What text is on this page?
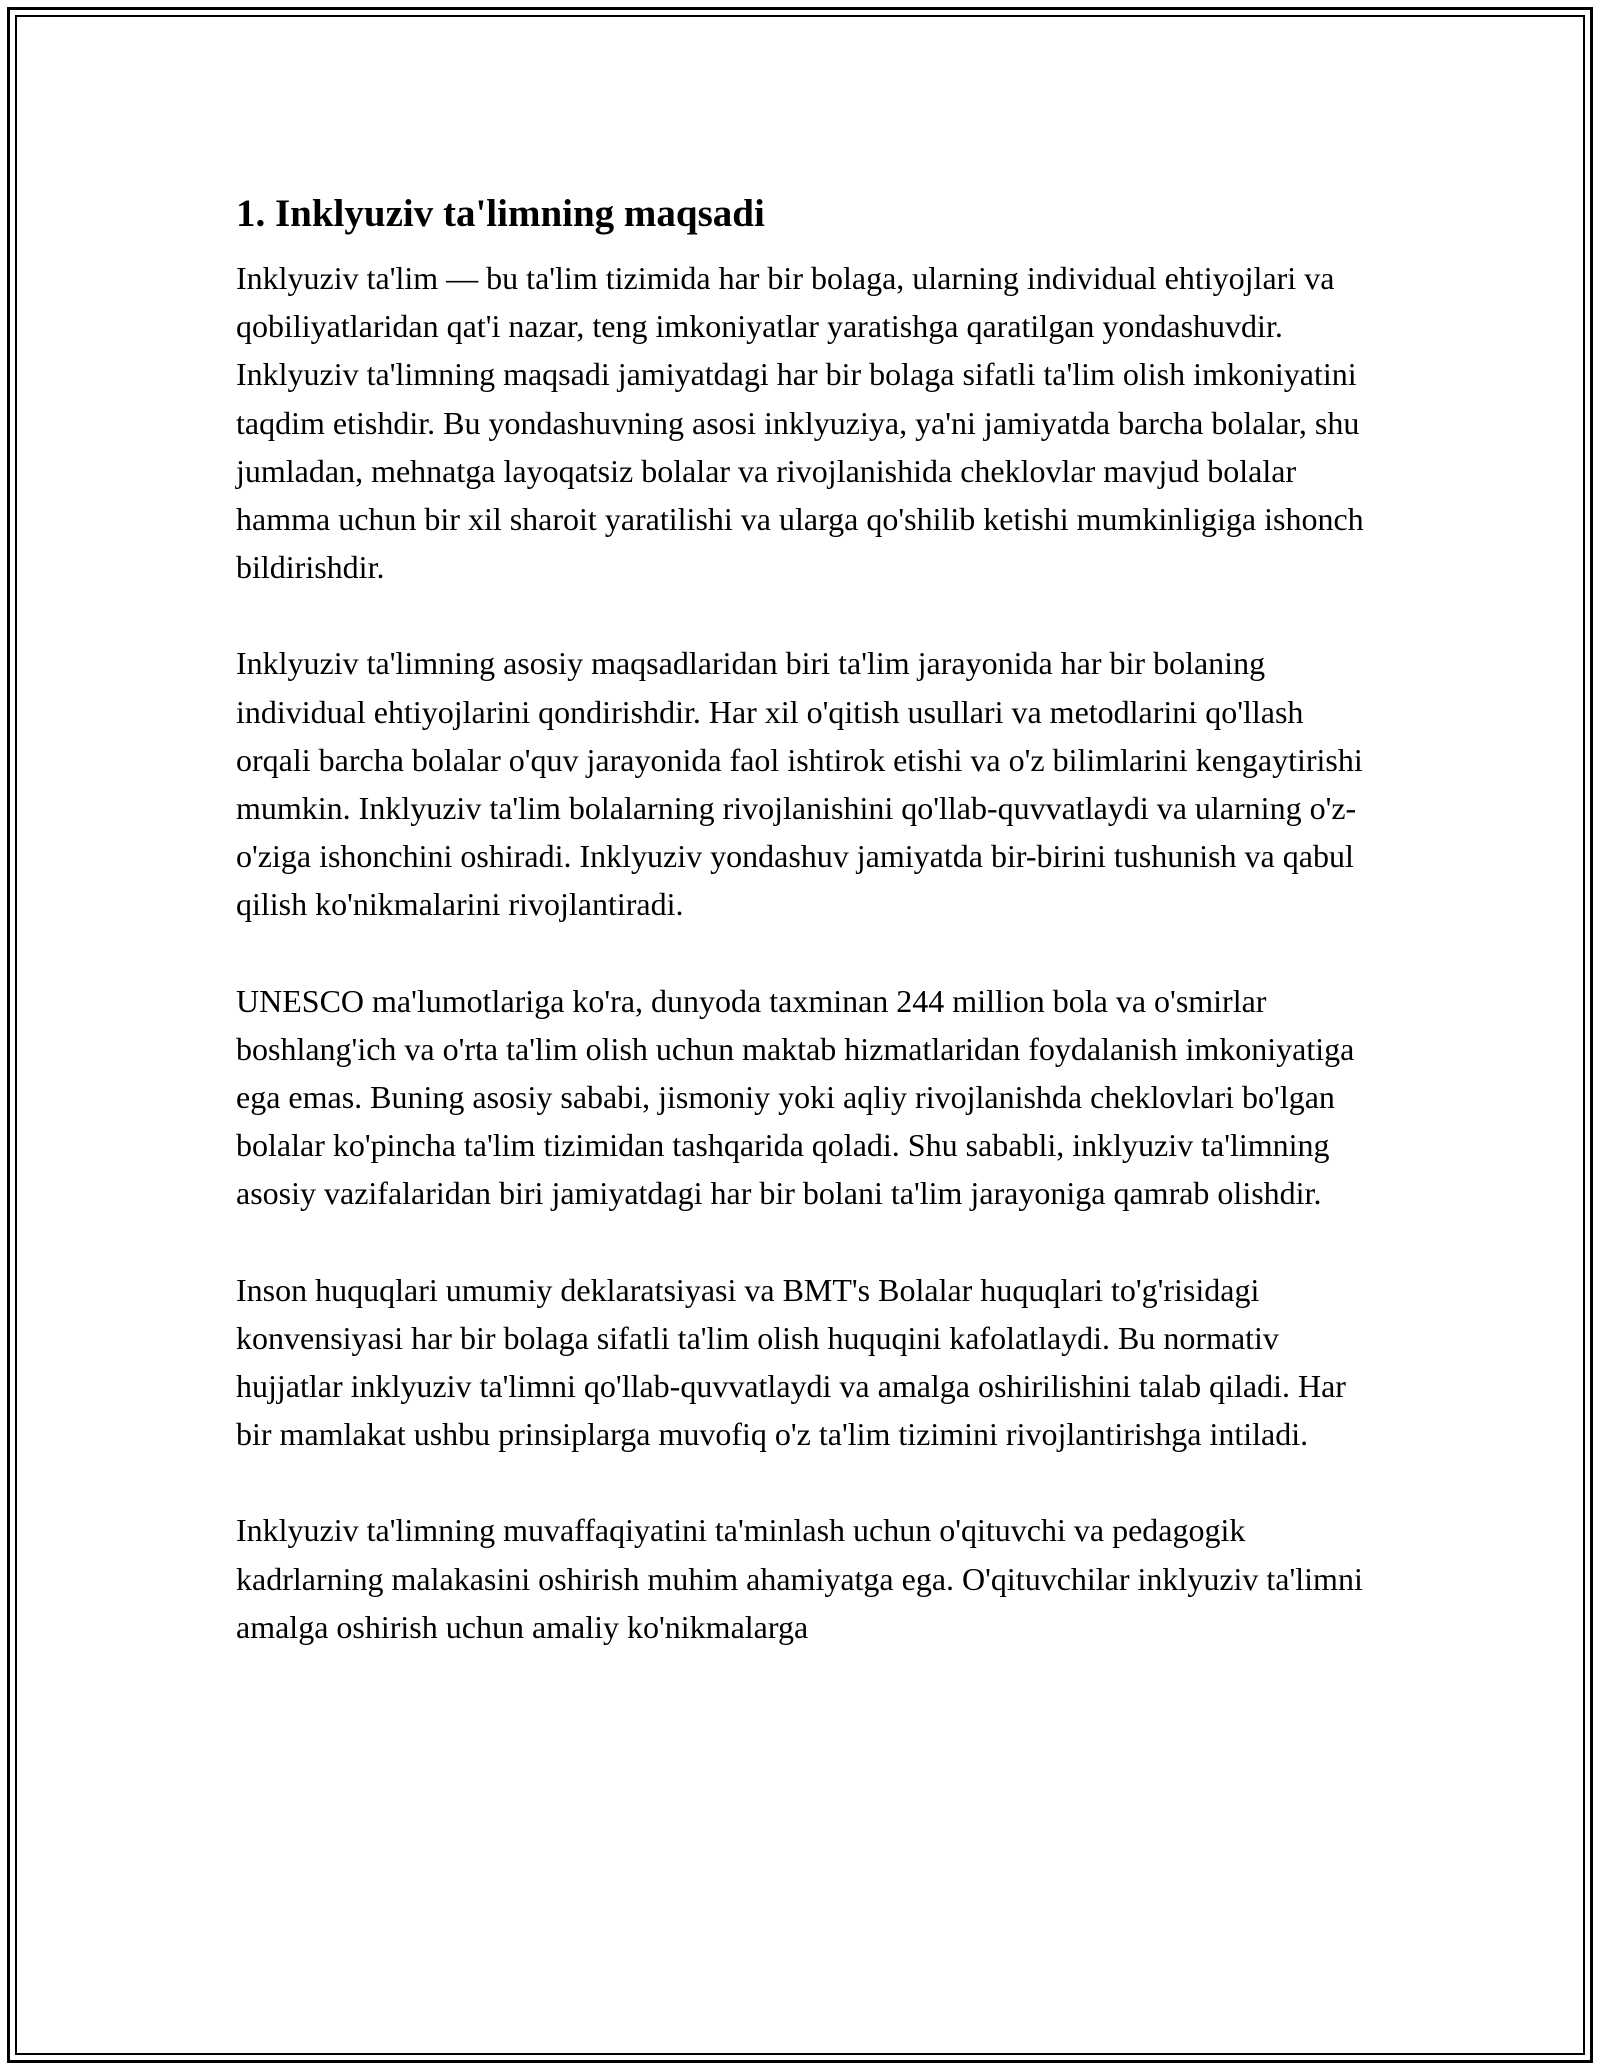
1. Inklyuziv ta'limning maqsadi

Inklyuziv ta'lim — bu ta'lim tizimida har bir bolaga, ularning individual ehtiyojlari va qobiliyatlaridan qat'i nazar, teng imkoniyatlar yaratishga qaratilgan yondashuvdir. Inklyuziv ta'limning maqsadi jamiyatdagi har bir bolaga sifatli ta'lim olish imkoniyatini taqdim etishdir. Bu yondashuvning asosi inklyuziya, ya'ni jamiyatda barcha bolalar, shu jumladan, mehnatga layoqatsiz bolalar va rivojlanishida cheklovlar mavjud bolalar hamma uchun bir xil sharoit yaratilishi va ularga qo'shilib ketishi mumkinligiga ishonch bildirishdir.

Inklyuziv ta'limning asosiy maqsadlaridan biri ta'lim jarayonida har bir bolaning individual ehtiyojlarini qondirishdir. Har xil o'qitish usullari va metodlarini qo'llash orqali barcha bolalar o'quv jarayonida faol ishtirok etishi va o'z bilimlarini kengaytirishi mumkin. Inklyuziv ta'lim bolalarning rivojlanishini qo'llab-quvvatlaydi va ularning o'z-o'ziga ishonchini oshiradi. Inklyuziv yondashuv jamiyatda bir-birini tushunish va qabul qilish ko'nikmalarini rivojlantiradi.

UNESCO ma'lumotlariga ko'ra, dunyoda taxminan 244 million bola va o'smirlar boshlang'ich va o'rta ta'lim olish uchun maktab hizmatlaridan foydalanish imkoniyatiga ega emas. Buning asosiy sababi, jismoniy yoki aqliy rivojlanishda cheklovlari bo'lgan bolalar ko'pincha ta'lim tizimidan tashqarida qoladi. Shu sababli, inklyuziv ta'limning asosiy vazifalaridan biri jamiyatdagi har bir bolani ta'lim jarayoniga qamrab olishdir.

Inson huquqlari umumiy deklaratsiyasi va BMT's Bolalar huquqlari to'g'risidagi konvensiyasi har bir bolaga sifatli ta'lim olish huquqini kafolatlaydi. Bu normativ hujjatlar inklyuziv ta'limni qo'llab-quvvatlaydi va amalga oshirilishini talab qiladi. Har bir mamlakat ushbu prinsiplarga muvofiq o'z ta'lim tizimini rivojlantirishga intiladi.

Inklyuziv ta'limning muvaffaqiyatini ta'minlash uchun o'qituvchi va pedagogik kadrlarning malakasini oshirish muhim ahamiyatga ega. O'qituvchilar inklyuziv ta'limni amalga oshirish uchun amaliy ko'nikmalarga
